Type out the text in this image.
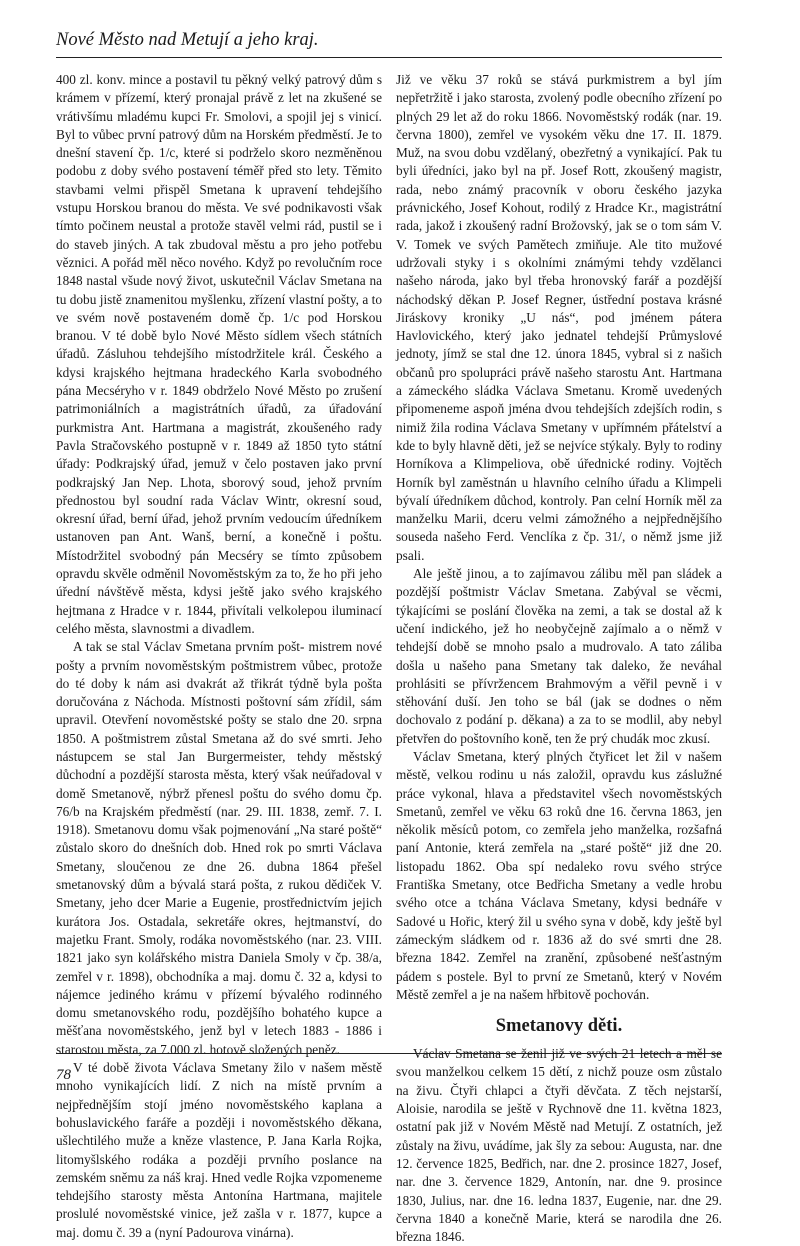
Nové Město nad Metují a jeho kraj.

400 zl. konv. mince a postavil tu pěkný velký patrový dům s krámem v přízemí, který pronajal právě z let na zkušené se vrátivšímu mladému kupci Fr. Smolovi, a spojil jej s vinicí. Byl to vůbec první patrový dům na Horském předměstí. Je to dnešní stavení čp. 1/c, které si podrželo skoro nezměněnou podobu z doby svého postavení téměř před sto lety. Těmito stavbami velmi přispěl Smetana k upravení tehdejšího vstupu Horskou branou do města. Ve své podnikavosti však tímto počinem neustal a protože stavěl velmi rád, pustil se i do staveb jiných. A tak zbudoval městu a pro jeho potřebu věznici. A pořád měl něco nového. Když po revolučním roce 1848 nastal všude nový život, uskutečnil Václav Smetana na tu dobu jistě znamenitou myšlenku, zřízení vlastní pošty, a to ve svém nově postaveném domě čp. 1/c pod Horskou branou. V té době bylo Nové Město sídlem všech státních úřadů. Zásluhou tehdejšího místodržitele král. Českého a kdysi krajského hejtmana hradeckého Karla svobodného pána Mecséryho v r. 1849 obdrželo Nové Město po zrušení patrimoniálních a magistrátních úřadů, za úřadování purkmistra Ant. Hartmana a magistrát, zkoušeného rady Pavla Stračovského postupně v r. 1849 až 1850 tyto státní úřady: Podkrajský úřad, jemuž v čelo postaven jako první podkrajský Jan Nep. Lhota, sborový soud, jehož prvním přednostou byl soudní rada Václav Wintr, okresní soud, okresní úřad, berní úřad, jehož prvním vedoucím úředníkem ustanoven pan Ant. Wanš, berní, a konečně i poštu. Místodržitel svobodný pán Mecséry se tímto způsobem opravdu skvěle odměnil Novoměstským za to, že ho při jeho úřední návštěvě města, kdysi ještě jako svého krajského hejtmana z Hradce v r. 1844, přivítali velkolepou iluminací celého města, slavnostmi a divadlem.

A tak se stal Václav Smetana prvním pošt- mistrem nové pošty a prvním novoměstským poštmistrem vůbec, protože do té doby k nám asi dvakrát až třikrát týdně byla pošta doručována z Náchoda. Místnosti poštovní sám zřídil, sám upravil. Otevření novoměstské pošty se stalo dne 20. srpna 1850. A poštmistrem zůstal Smetana až do své smrti. Jeho nástupcem se stal Jan Burgermeister, tehdy městský důchodní a pozdější starosta města, který však neúřadoval v domě Smetanově, nýbrž přenesl poštu do svého domu čp. 76/b na Krajském předměstí (nar. 29. III. 1838, zemř. 7. I. 1918). Smetanovu domu však pojmenování „Na staré poště“ zůstalo skoro do dnešních dob. Hned rok po smrti Václava Smetany, sloučenou ze dne 26. dubna 1864 přešel smetanovský dům a bývalá stará pošta, z rukou dědiček V. Smetany, jeho dcer Marie a Eugenie, prostřednictvím jejich kurátora Jos. Ostadala, sekretáře okres, hejtmanství, do majetku Frant. Smoly, rodáka novoměstského (nar. 23. VIII. 1821 jako syn kolářského mistra Daniela Smoly v čp. 38/a, zemřel v r. 1898), obchodníka a maj. domu č. 32 a, kdysi to nájemce jediného krámu v přízemí bývalého rodinného domu smetanovského rodu, pozdějšího bohatého kupce a měšťana novoměstského, jenž byl v letech 1883 - 1886 i starostou města, za 7.000 zl. hotově složených peněz.

V té době života Václava Smetany žilo v našem městě mnoho vynikajících lidí. Z nich na místě prvním a nejpřednějším stojí jméno novoměstského kaplana a bohuslavického faráře a později i novoměstského děkana, ušlechtilého muže a kněze vlastence, P. Jana Karla Rojka, litomyšlského rodáka a později prvního poslance na zemském sněmu za náš kraj. Hned vedle Rojka vzpomeneme tehdejšího starosty města Antonína Hartmana, majitele proslulé novoměstské vinice, jež zašla v r. 1877, kupce a maj. domu č. 39 a (nyní Padourova vinárna).

Již ve věku 37 roků se stává purkmistrem a byl jím nepřetržitě i jako starosta, zvolený podle obecního zřízení po plných 29 let až do roku 1866. Novoměstský rodák (nar. 19. června 1800), zemřel ve vysokém věku dne 17. II. 1879. Muž, na svou dobu vzdělaný, obezřetný a vynikající. Pak tu byli úředníci, jako byl na př. Josef Rott, zkoušený magistr, rada, nebo známý pracovník v oboru českého jazyka právnického, Josef Kohout, rodilý z Hradce Kr., magistrátní rada, jakož i zkoušený radní Brožovský, jak se o tom sám V. V. Tomek ve svých Pamětech zmiňuje. Ale tito mužové udržovali styky i s okolními známými tehdy vzdělanci našeho národa, jako byl třeba hronovský farář a pozdější náchodský děkan P. Josef Regner, ústřední postava krásné Jiráskovy kroniky „U nás“, pod jménem pátera Havlovického, který jako jednatel tehdejší Průmyslové jednoty, jímž se stal dne 12. února 1845, vybral si z našich občanů pro spolupráci právě našeho starostu Ant. Hartmana a zámeckého sládka Václava Smetanu. Kromě uvedených připomeneme aspoň jména dvou tehdejších zdejších rodin, s nimiž žila rodina Václava Smetany v upřímném přátelství a kde to byly hlavně děti, jež se nejvíce stýkaly. Byly to rodiny Horníkova a Klimpeliova, obě úřednické rodiny. Vojtěch Horník byl zaměstnán u hlavního celního úřadu a Klimpeli bývalí úředníkem důchod, kontroly. Pan celní Horník měl za manželku Marii, dceru velmi zámožného a nejpřednějšího souseda našeho Ferd. Venclíka z čp. 31/, o němž jsme již psali.

Ale ještě jinou, a to zajímavou zálibu měl pan sládek a pozdější poštmistr Václav Smetana. Zabýval se věcmi, týkajícími se poslání člověka na zemi, a tak se dostal až k učení indického, jež ho neobyčejně zajímalo a o němž v tehdejší době se mnoho psalo a mudrovalo. A tato záliba došla u našeho pana Smetany tak daleko, že neváhal prohlásiti se přívržencem Brahmovým a věřil pevně i v stěhování duší. Jen toho se bál (jak se dodnes o něm dochovalo z podání p. děkana) a za to se modlil, aby nebyl přetvřen do poštovního koně, ten že prý chudák moc zkusí.

Václav Smetana, který plných čtyřicet let žil v našem městě, velkou rodinu u nás založil, opravdu kus záslužné práce vykonal, hlava a představitel všech novoměstských Smetanů, zemřel ve věku 63 roků dne 16. června 1863, jen několik měsíců potom, co zemřela jeho manželka, rozšafná paní Antonie, která zemřela na „staré poště“ již dne 20. listopadu 1862. Oba spí nedaleko rovu svého strýce Františka Smetany, otce Bedřicha Smetany a vedle hrobu svého otce a tchána Václava Smetany, kdysi bednáře v Sadové u Hořic, který žil u svého syna v době, kdy ještě byl zámeckým sládkem od r. 1836 až do své smrti dne 28. března 1842. Zemřel na zranění, způsobené nešťastným pádem s postele. Byl to první ze Smetanů, který v Novém Městě zemřel a je na našem hřbitově pochován.

Smetanovy děti.

Václav Smetana se ženil již ve svých 21 letech a měl se svou manželkou celkem 15 dětí, z nichž pouze osm zůstalo na živu. Čtyři chlapci a čtyři děvčata. Z těch nejstarší, Aloisie, narodila se ještě v Rychnově dne 11. května 1823, ostatní pak již v Novém Městě nad Metují. Z ostatních, jež zůstaly na živu, uvádíme, jak šly za sebou: Augusta, nar. dne 12. července 1825, Bedřich, nar. dne 2. prosince 1827, Josef, nar. dne 3. července 1829, Antonín, nar. dne 9. prosince 1830, Julius, nar. dne 16. ledna 1837, Eugenie, nar. dne 29. června 1840 a konečně Marie, která se narodila dne 26. března 1846.

78
